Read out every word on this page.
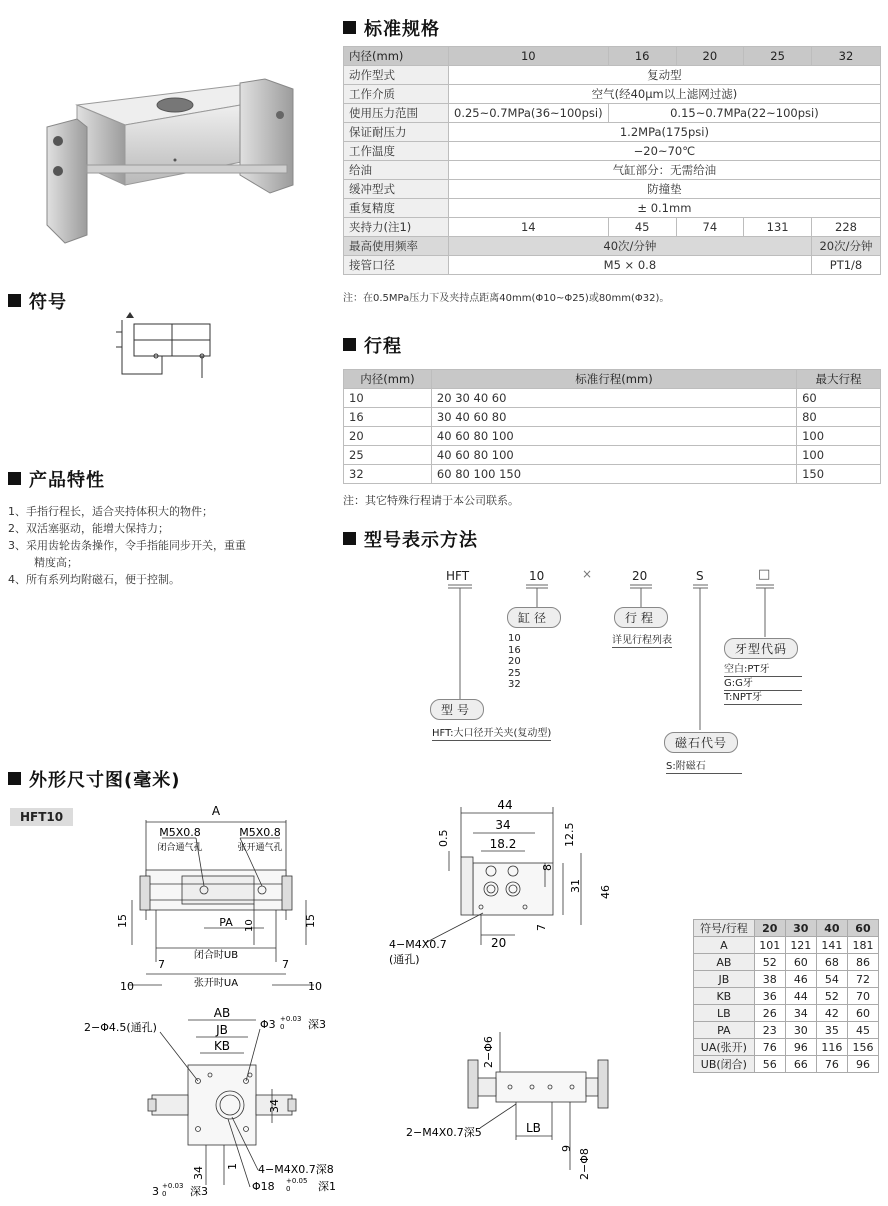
符号
产品特性
1、手指行程长，适合夹持体积大的物件；
2、双活塞驱动，能增大保持力；
3、采用齿轮齿条操作，令手指能同步开关，重重
精度高；
4、所有系列均附磁石，便于控制。
标准规格
内径(mm)	10	16	20	25	32
动作型式	复动型				
工作介质	空气(经40μm以上滤网过滤)				
使用压力范围	0.25~0.7MPa(36~100psi)	0.15~0.7MPa(22~100psi)			
保证耐压力	1.2MPa(175psi)				
工作温度	−20~70℃				
给油	气缸部分：无需给油				
缓冲型式	防撞垫				
重复精度	± 0.1mm				
夹持力(注1)	14	45	74	131	228
最高使用频率	40次/分钟				20次/分钟
接管口径	M5 × 0.8				PT1/8
注：在0.5MPa压力下及夹持点距离40mm(Φ10~Φ25)或80mm(Φ32)。
行程
内径(mm)	标准行程(mm)	最大行程
10	20 30 40 60	60
16	30 40 60 80	80
20	40 60 80 100	100
25	40 60 80 100	100
32	60 80 100 150	150
注：其它特殊行程请于本公司联系。
型号表示方法
HFT	10	×	20	S	□
缸径
10
16
20
25
32
行程
详见行程列表
牙型代码
空白:PT牙
G:G牙
T:NPT牙
型号
HFT:大口径开关夹(复动型)
磁石代号
S:附磁石
外形尺寸图(毫米)
HFT10	A
M5X0.8
闭合通气孔
M5X0.8
张开通气孔
PA
闭合时UB
张开时UA
15	15
10
10	10
7	7
AB
JB
KB
2−Φ4.5(通孔)	Φ3 +0.03
0 深3
34
34 1 4−M4X0.7深8
Φ18 +0.05
0	深1
3 +0.03
0 深3
44
34
18.2
0.5	12.5
8
31 46
7
20
4−M4X0.7
(通孔)
2−Φ6
2−M4X0.7深5	LB
9 2−Φ8
符号/行程	20	30	40	60
A	101	121	141	181
AB	52	60	68	86
JB	38	46	54	72
KB	36	44	52	70
LB	26	34	42	60
PA	23	30	35	45
UA(张开)	76	96	116	156
UB(闭合)	56	66	76	96
